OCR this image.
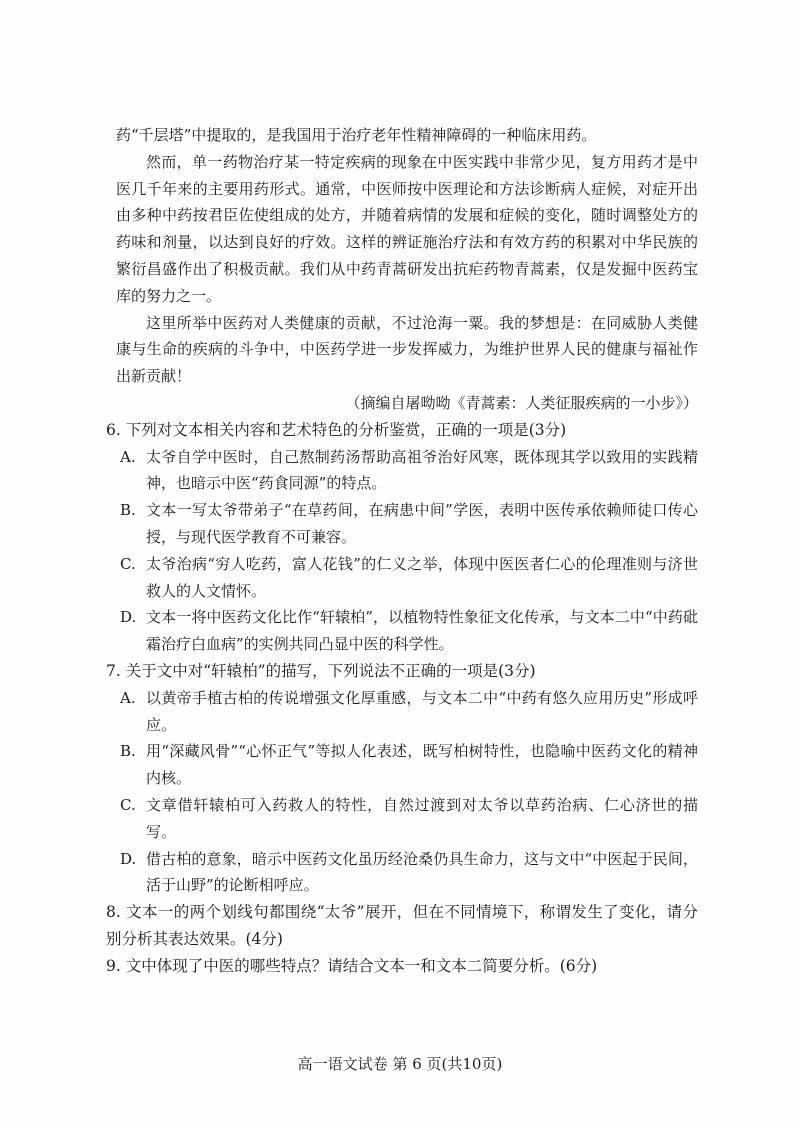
药“千层塔”中提取的，是我国用于治疗老年性精神障碍的一种临床用药。

然而，单一药物治疗某一特定疾病的现象在中医实践中非常少见，复方用药才是中医几千年来的主要用药形式。通常，中医师按中医理论和方法诊断病人症候，对症开出由多种中药按君臣佐使组成的处方，并随着病情的发展和症候的变化，随时调整处方的药味和剂量，以达到良好的疗效。这样的辨证施治疗法和有效方药的积累对中华民族的繁衍昌盛作出了积极贡献。我们从中药青蒿研发出抗疟药物青蒿素，仅是发掘中医药宝库的努力之一。

这里所举中医药对人类健康的贡献，不过沧海一粟。我的梦想是：在同威胁人类健康与生命的疾病的斗争中，中医药学进一步发挥威力，为维护世界人民的健康与福祉作出新贡献！

（摘编自屠呦呦《青蒿素：人类征服疾病的一小步》）

6. 下列对文本相关内容和艺术特色的分析鉴赏，正确的一项是(3分)

A. 太爷自学中医时，自己熬制药汤帮助高祖爷治好风寒，既体现其学以致用的实践精神，也暗示中医“药食同源”的特点。
B. 文本一写太爷带弟子“在草药间，在病患中间”学医，表明中医传承依赖师徒口传心授，与现代医学教育不可兼容。
C. 太爷治病“穷人吃药，富人花钱”的仁义之举，体现中医医者仁心的伦理准则与济世救人的人文情怀。
D. 文本一将中医药文化比作“轩辕柏”，以植物特性象征文化传承，与文本二中“中药砒霜治疗白血病”的实例共同凸显中医的科学性。

7. 关于文中对“轩辕柏”的描写，下列说法不正确的一项是(3分)

A. 以黄帝手植古柏的传说增强文化厚重感，与文本二中“中药有悠久应用历史”形成呼应。
B. 用“深藏风骨”“心怀正气”等拟人化表述，既写柏树特性，也隐喻中医药文化的精神内核。
C. 文章借轩辕柏可入药救人的特性，自然过渡到对太爷以草药治病、仁心济世的描写。
D. 借古柏的意象，暗示中医药文化虽历经沧桑仍具生命力，这与文中“中医起于民间，活于山野”的论断相呼应。

8. 文本一的两个划线句都围绕“太爷”展开，但在不同情境下，称谓发生了变化，请分别分析其表达效果。(4分)

9. 文中体现了中医的哪些特点？请结合文本一和文本二简要分析。(6分)

高一语文试卷 第 6 页(共10页)
